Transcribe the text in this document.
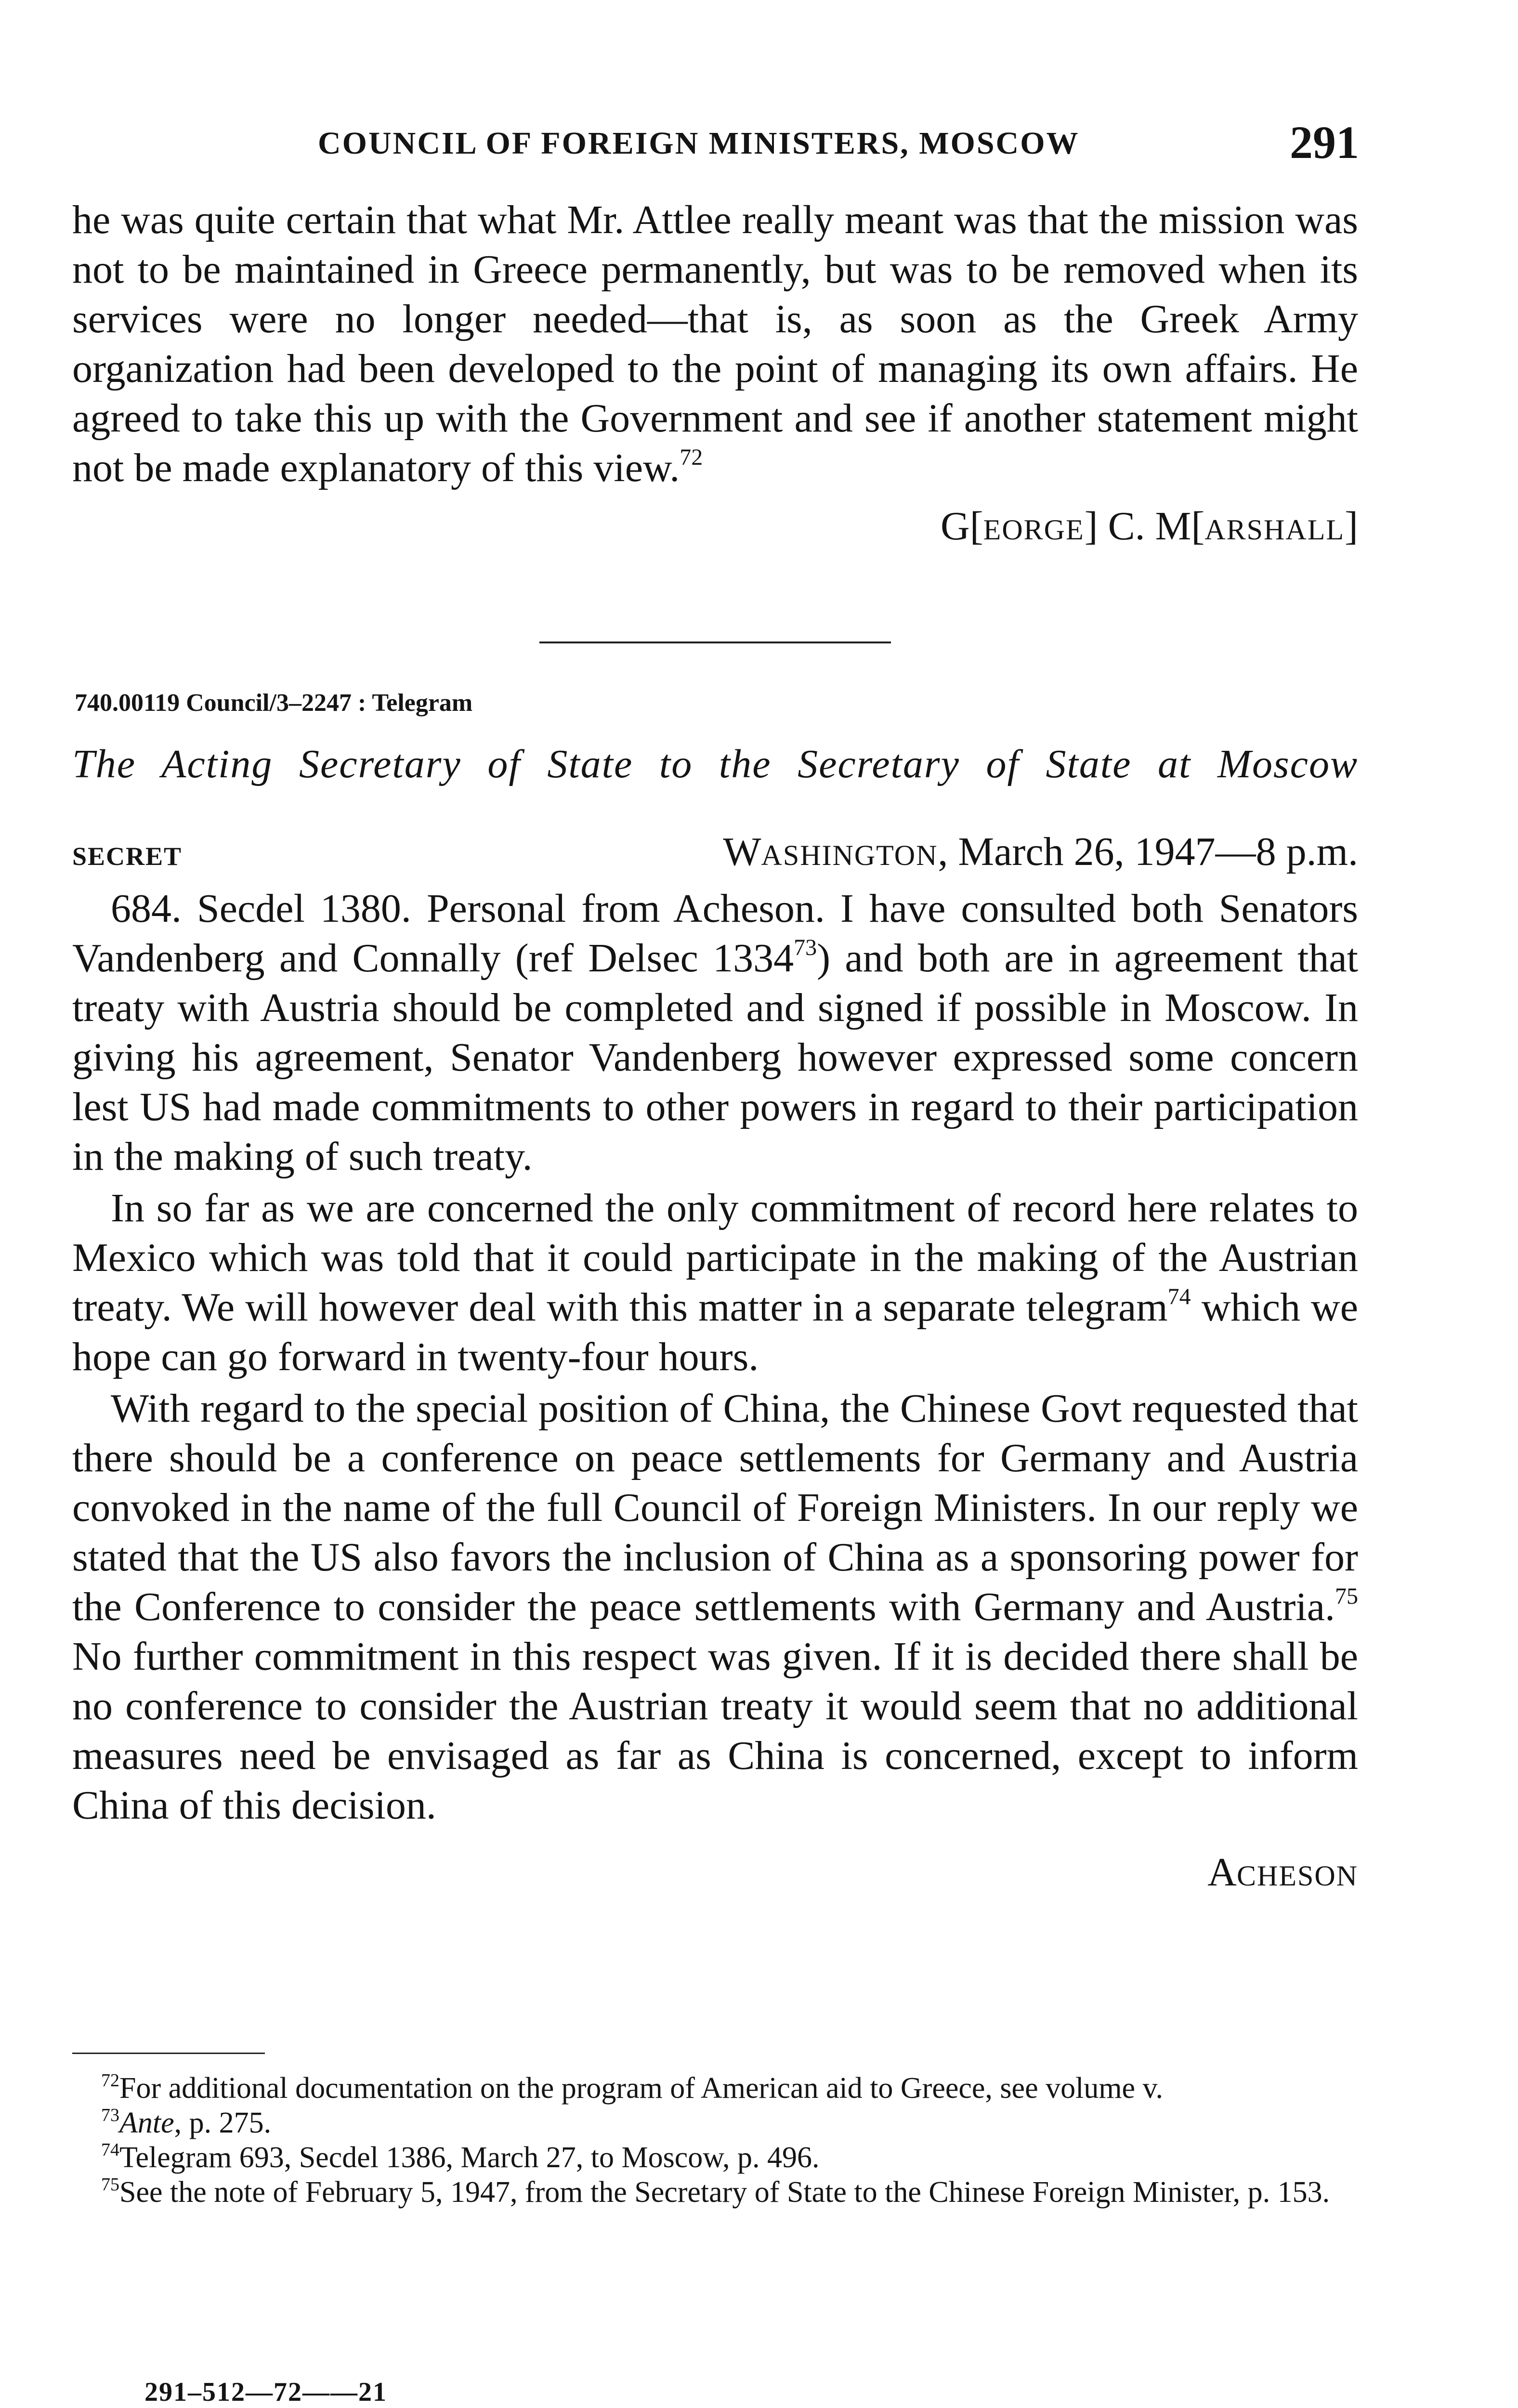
COUNCIL OF FOREIGN MINISTERS, MOSCOW	291

he was quite certain that what Mr. Attlee really meant was that the mission was not to be maintained in Greece permanently, but was to be removed when its services were no longer needed—that is, as soon as the Greek Army organization had been developed to the point of managing its own affairs. He agreed to take this up with the Government and see if another statement might not be made explanatory of this view.$^{72}$

G[EORGE] C. M[ARSHALL]
740.00119 Council/3–2247 : Telegram
The Acting Secretary of State to the Secretary of State at Moscow
SECRET	WASHINGTON, March 26, 1947—8 p.m.

684. Secdel 1380. Personal from Acheson. I have consulted both Senators Vandenberg and Connally (ref Delsec 1334$^{73}$) and both are in agreement that treaty with Austria should be completed and signed if possible in Moscow. In giving his agreement, Senator Vandenberg however expressed some concern lest US had made commitments to other powers in regard to their participation in the making of such treaty.

In so far as we are concerned the only commitment of record here relates to Mexico which was told that it could participate in the making of the Austrian treaty. We will however deal with this matter in a separate telegram$^{74}$ which we hope can go forward in twenty-four hours.

With regard to the special position of China, the Chinese Govt requested that there should be a conference on peace settlements for Germany and Austria convoked in the name of the full Council of Foreign Ministers. In our reply we stated that the US also favors the inclusion of China as a sponsoring power for the Conference to consider the peace settlements with Germany and Austria.$^{75}$ No further commitment in this respect was given. If it is decided there shall be no conference to consider the Austrian treaty it would seem that no additional measures need be envisaged as far as China is concerned, except to inform China of this decision.

ACHESON

$^{72}$For additional documentation on the program of American aid to Greece, see volume v.

$^{73}$Ante, p. 275.

$^{74}$Telegram 693, Secdel 1386, March 27, to Moscow, p. 496.

$^{75}$See the note of February 5, 1947, from the Secretary of State to the Chinese Foreign Minister, p. 153.

291–512—72——21
